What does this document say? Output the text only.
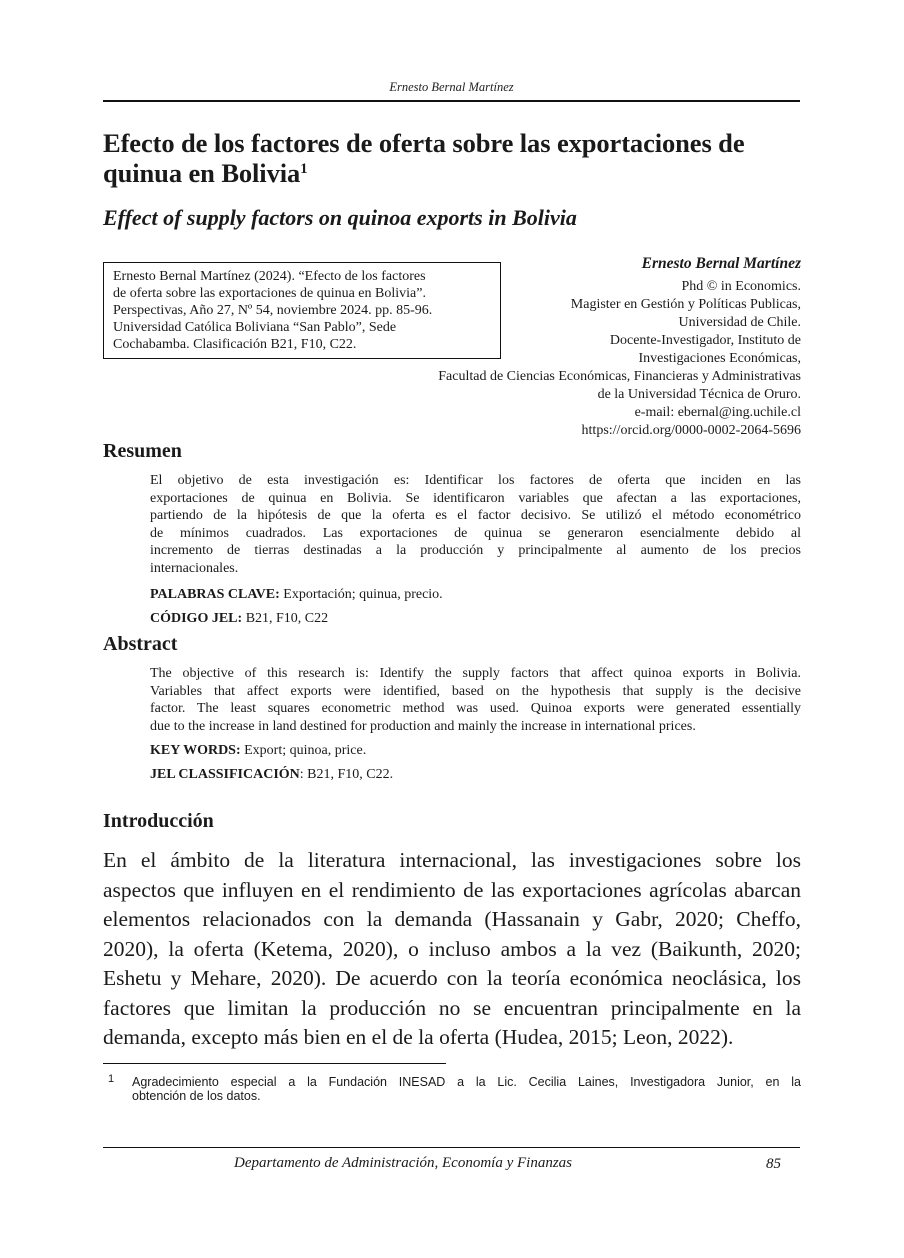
Ernesto Bernal Martínez
Efecto de los factores de oferta sobre las exportaciones de quinua en Bolivia$^1$
Effect of supply factors on quinoa exports in Bolivia
Ernesto Bernal Martínez (2024). “Efecto de los factores
de oferta sobre las exportaciones de quinua en Bolivia”.
Perspectivas, Año 27, Nº 54, noviembre 2024. pp. 85-96.
Universidad Católica Boliviana “San Pablo”, Sede
Cochabamba. Clasificación B21, F10, C22.
Ernesto Bernal Martínez
Phd © in Economics.
Magister en Gestión y Políticas Publicas,
Universidad de Chile.
Docente-Investigador, Instituto de
Investigaciones Económicas,
Facultad de Ciencias Económicas, Financieras y Administrativas
de la Universidad Técnica de Oruro.
e-mail: ebernal@ing.uchile.cl
https://orcid.org/0000-0002-2064-5696
Resumen
El objetivo de esta investigación es: Identificar los factores de oferta que inciden en las
exportaciones de quinua en Bolivia. Se identificaron variables que afectan a las exportaciones,
partiendo de la hipótesis de que la oferta es el factor decisivo. Se utilizó el método econométrico
de mínimos cuadrados. Las exportaciones de quinua se generaron esencialmente debido al
incremento de tierras destinadas a la producción y principalmente al aumento de los precios
internacionales.
PALABRAS CLAVE: Exportación; quinua, precio.
CÓDIGO JEL: B21, F10, C22
Abstract
The objective of this research is: Identify the supply factors that affect quinoa exports in Bolivia.
Variables that affect exports were identified, based on the hypothesis that supply is the decisive
factor. The least squares econometric method was used. Quinoa exports were generated essentially
due to the increase in land destined for production and mainly the increase in international prices.
KEY WORDS: Export; quinoa, price.
JEL CLASSIFICACIÓN: B21, F10, C22.
Introducción
En el ámbito de la literatura internacional, las investigaciones sobre los
aspectos que influyen en el rendimiento de las exportaciones agrícolas abarcan
elementos relacionados con la demanda (Hassanain y Gabr, 2020; Cheffo,
2020), la oferta (Ketema, 2020), o incluso ambos a la vez (Baikunth, 2020;
Eshetu y Mehare, 2020). De acuerdo con la teoría económica neoclásica, los
factores que limitan la producción no se encuentran principalmente en la
demanda, excepto más bien en el de la oferta (Hudea, 2015; Leon, 2022).
1 Agradecimiento especial a la Fundación INESAD a la Lic. Cecilia Laines, Investigadora Junior, en la
obtención de los datos.
Departamento de Administración, Economía y Finanzas	85
